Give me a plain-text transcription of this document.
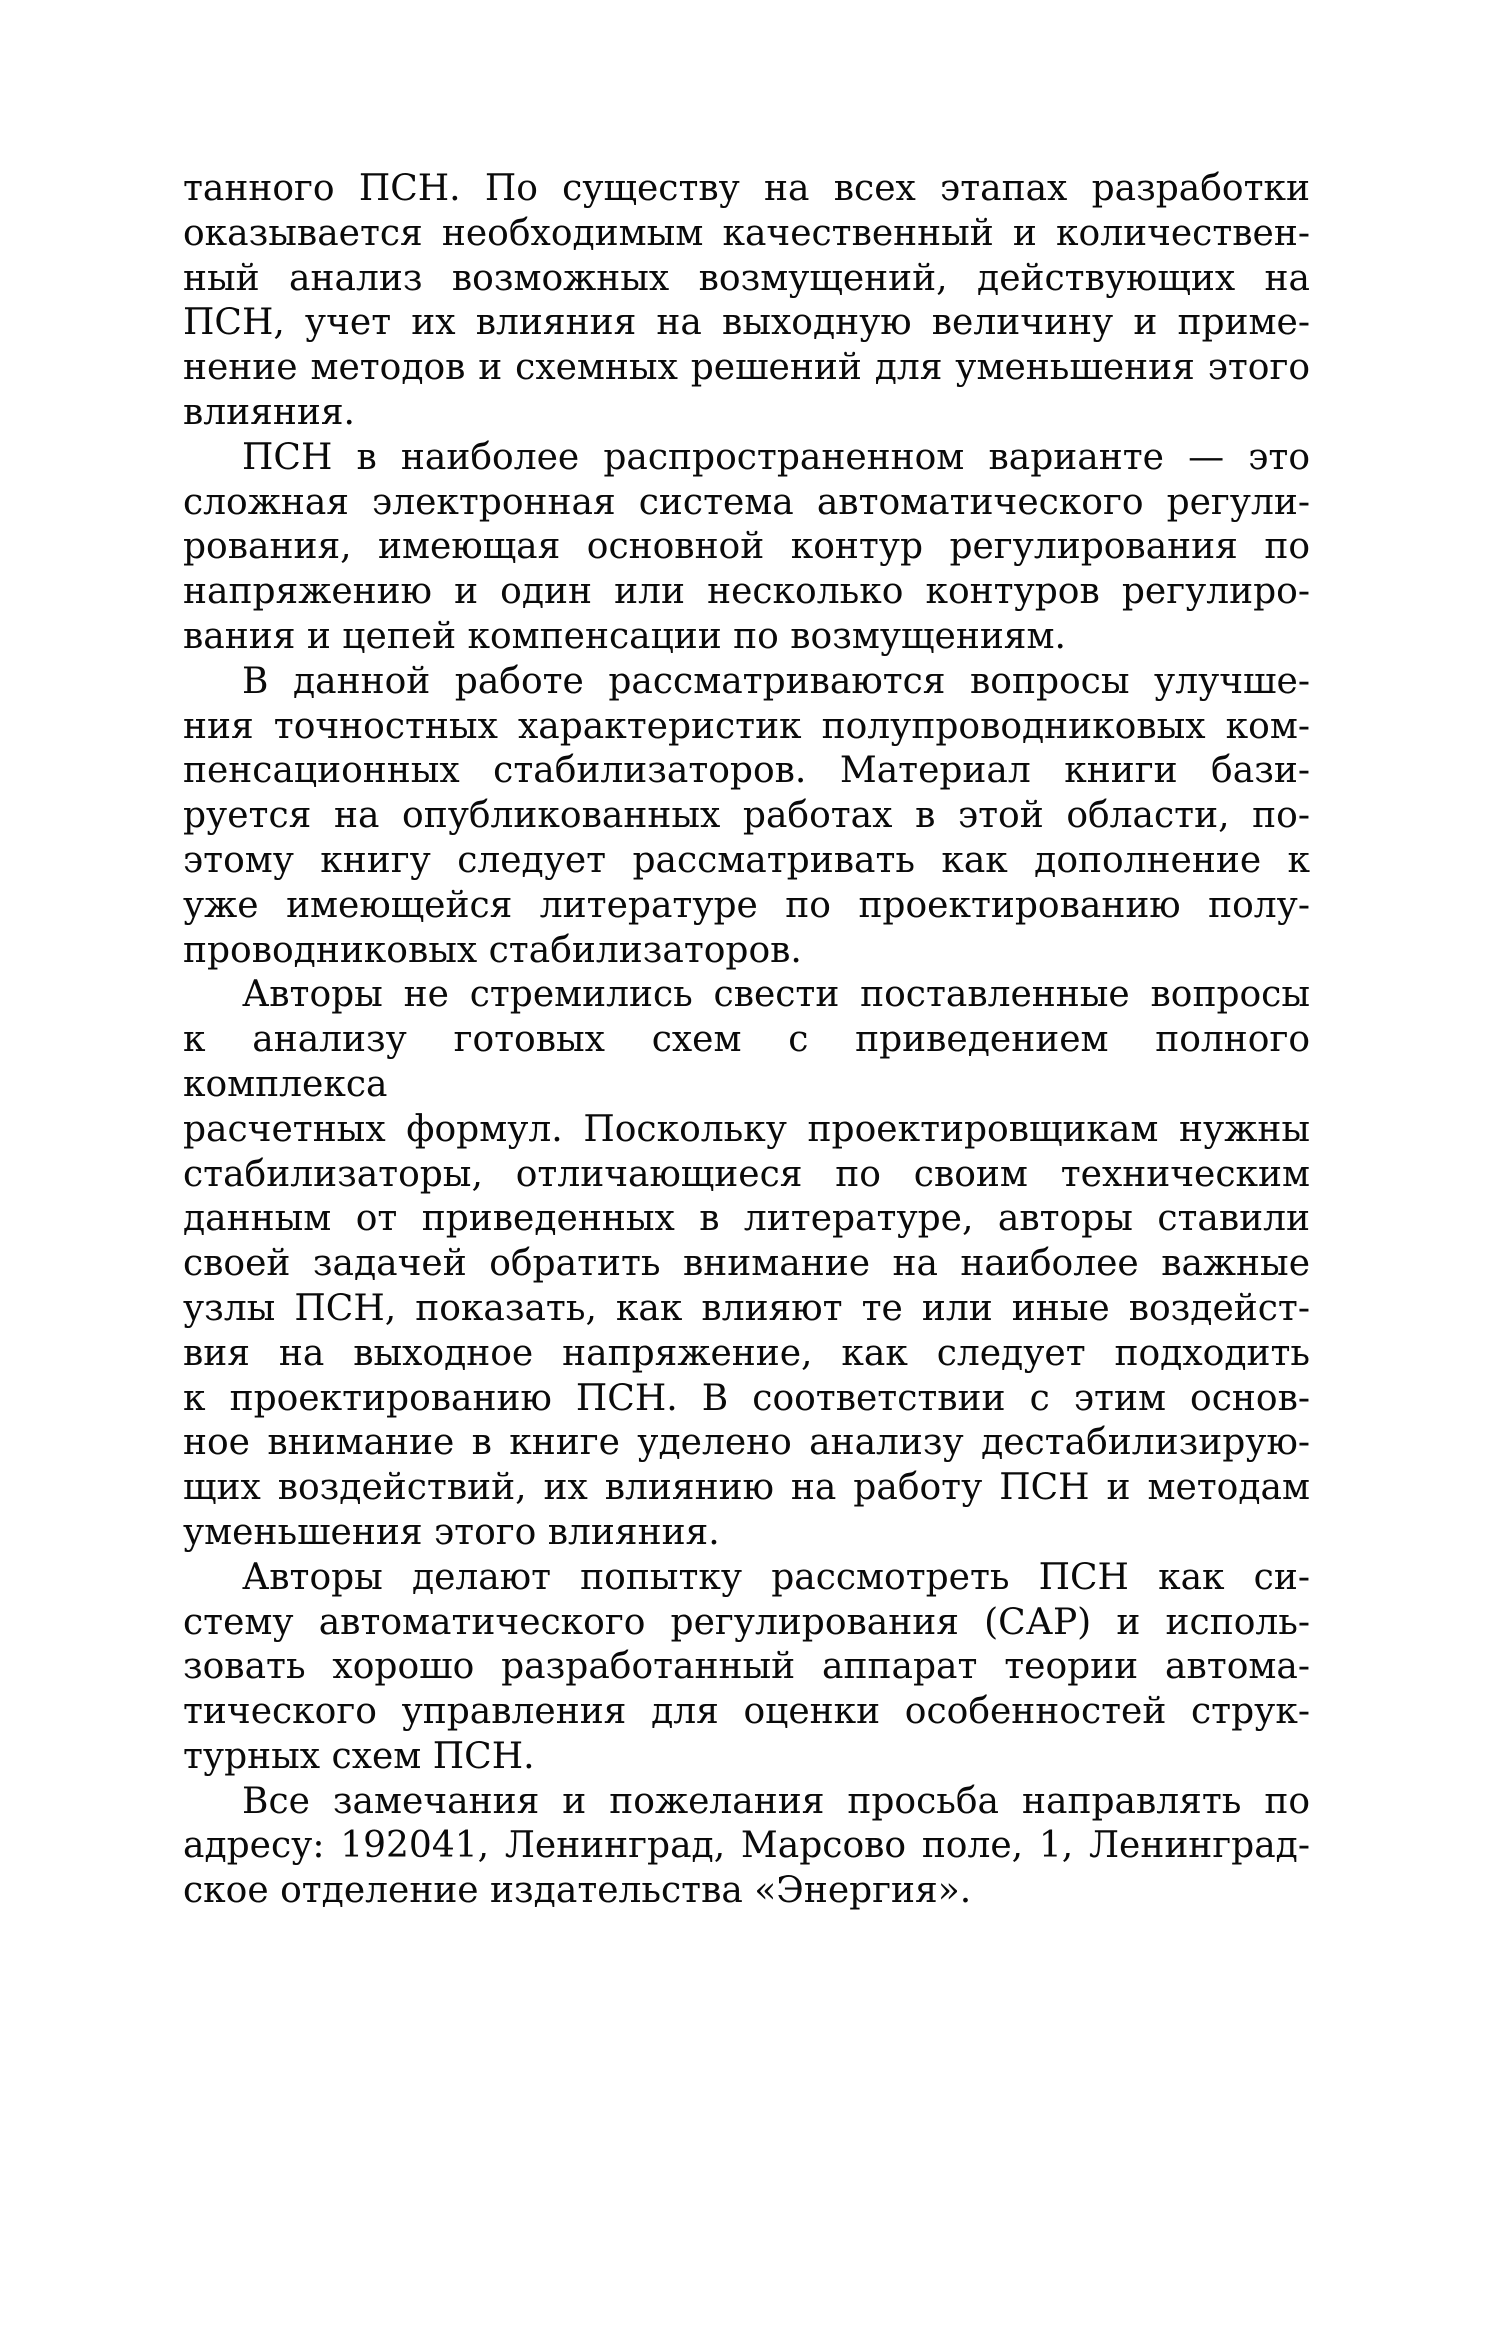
танного ПСН. По существу на всех этапах разработки
оказывается необходимым качественный и количествен-
ный анализ возможных возмущений, действующих на
ПСН, учет их влияния на выходную величину и приме-
нение методов и схемных решений для уменьшения этого
влияния.
ПСН в наиболее распространенном варианте — это
сложная электронная система автоматического регули-
рования, имеющая основной контур регулирования по
напряжению и один или несколько контуров регулиро-
вания и цепей компенсации по возмущениям.
В данной работе рассматриваются вопросы улучше-
ния точностных характеристик полупроводниковых ком-
пенсационных стабилизаторов. Материал книги бази-
руется на опубликованных работах в этой области, по-
этому книгу следует рассматривать как дополнение к
уже имеющейся литературе по проектированию полу-
проводниковых стабилизаторов.
Авторы не стремились свести поставленные вопросы
к анализу готовых схем с приведением полного комплекса
расчетных формул. Поскольку проектировщикам нужны
стабилизаторы, отличающиеся по своим техническим
данным от приведенных в литературе, авторы ставили
своей задачей обратить внимание на наиболее важные
узлы ПСН, показать, как влияют те или иные воздейст-
вия на выходное напряжение, как следует подходить
к проектированию ПСН. В соответствии с этим основ-
ное внимание в книге уделено анализу дестабилизирую-
щих воздействий, их влиянию на работу ПСН и методам
уменьшения этого влияния.
Авторы делают попытку рассмотреть ПСН как си-
стему автоматического регулирования (САР) и исполь-
зовать хорошо разработанный аппарат теории автома-
тического управления для оценки особенностей струк-
турных схем ПСН.
Все замечания и пожелания просьба направлять по
адресу: 192041, Ленинград, Марсово поле, 1, Ленинград-
ское отделение издательства «Энергия».
